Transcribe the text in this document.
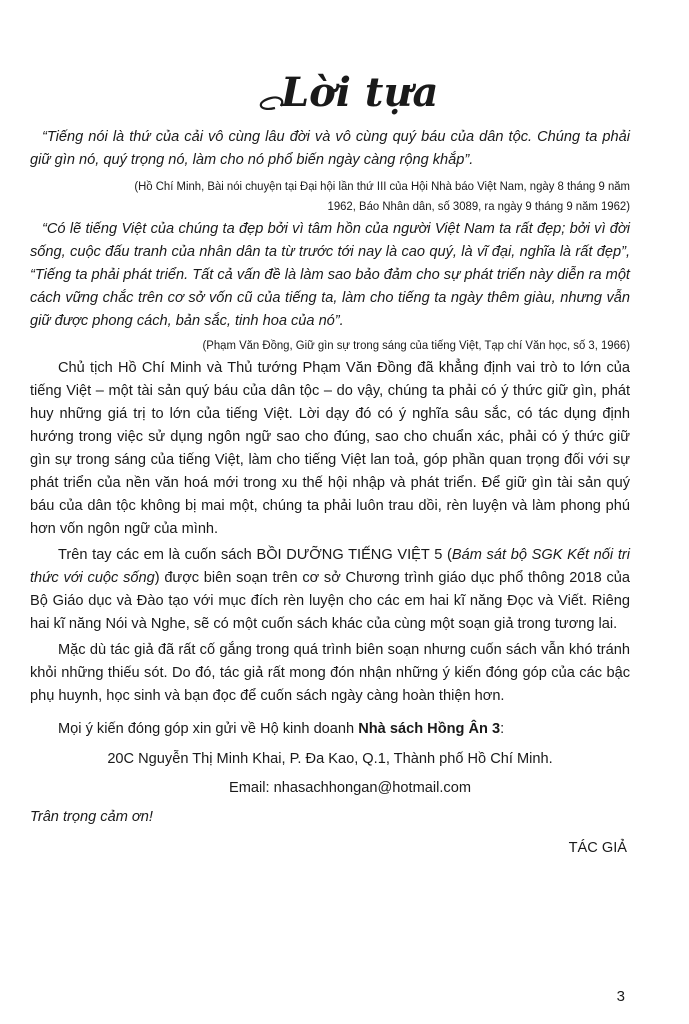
Lời tựa

“Tiếng nói là thứ của cải vô cùng lâu đời và vô cùng quý báu của dân tộc. Chúng ta phải giữ gìn nó, quý trọng nó, làm cho nó phổ biến ngày càng rộng khắp”.

(Hồ Chí Minh, Bài nói chuyện tại Đại hội lần thứ III của Hội Nhà báo Việt Nam, ngày 8 tháng 9 năm
1962, Báo Nhân dân, số 3089, ra ngày 9 tháng 9 năm 1962)

“Có lẽ tiếng Việt của chúng ta đẹp bởi vì tâm hồn của người Việt Nam ta rất đẹp; bởi vì đời sống, cuộc đấu tranh của nhân dân ta từ trước tới nay là cao quý, là vĩ đại, nghĩa là rất đẹp”, “Tiếng ta phải phát triển. Tất cả vấn đề là làm sao bảo đảm cho sự phát triển này diễn ra một cách vững chắc trên cơ sở vốn cũ của tiếng ta, làm cho tiếng ta ngày thêm giàu, nhưng vẫn giữ được phong cách, bản sắc, tinh hoa của nó”.

(Phạm Văn Đồng, Giữ gìn sự trong sáng của tiếng Việt, Tạp chí Văn học, số 3, 1966)

Chủ tịch Hồ Chí Minh và Thủ tướng Phạm Văn Đồng đã khẳng định vai trò to lớn của tiếng Việt – một tài sản quý báu của dân tộc – do vậy, chúng ta phải có ý thức giữ gìn, phát huy những giá trị to lớn của tiếng Việt. Lời dạy đó có ý nghĩa sâu sắc, có tác dụng định hướng trong việc sử dụng ngôn ngữ sao cho đúng, sao cho chuẩn xác, phải có ý thức giữ gìn sự trong sáng của tiếng Việt, làm cho tiếng Việt lan toả, góp phần quan trọng đối với sự phát triển của nền văn hoá mới trong xu thế hội nhập và phát triển. Để giữ gìn tài sản quý báu của dân tộc không bị mai một, chúng ta phải luôn trau dồi, rèn luyện và làm phong phú hơn vốn ngôn ngữ của mình.

Trên tay các em là cuốn sách BỒI DƯỠNG TIẾNG VIỆT 5 (Bám sát bộ SGK Kết nối tri thức với cuộc sống) được biên soạn trên cơ sở Chương trình giáo dục phổ thông 2018 của Bộ Giáo dục và Đào tạo với mục đích rèn luyện cho các em hai kĩ năng Đọc và Viết. Riêng hai kĩ năng Nói và Nghe, sẽ có một cuốn sách khác của cùng một soạn giả trong tương lai.

Mặc dù tác giả đã rất cố gắng trong quá trình biên soạn nhưng cuốn sách vẫn khó tránh khỏi những thiếu sót. Do đó, tác giả rất mong đón nhận những ý kiến đóng góp của các bậc phụ huynh, học sinh và bạn đọc để cuốn sách ngày càng hoàn thiện hơn.

Mọi ý kiến đóng góp xin gửi về Hộ kinh doanh Nhà sách Hồng Ân 3:

20C Nguyễn Thị Minh Khai, P. Đa Kao, Q.1, Thành phố Hồ Chí Minh.

Email: nhasachhongan@hotmail.com

Trân trọng cảm ơn!

TÁC GIẢ

3
